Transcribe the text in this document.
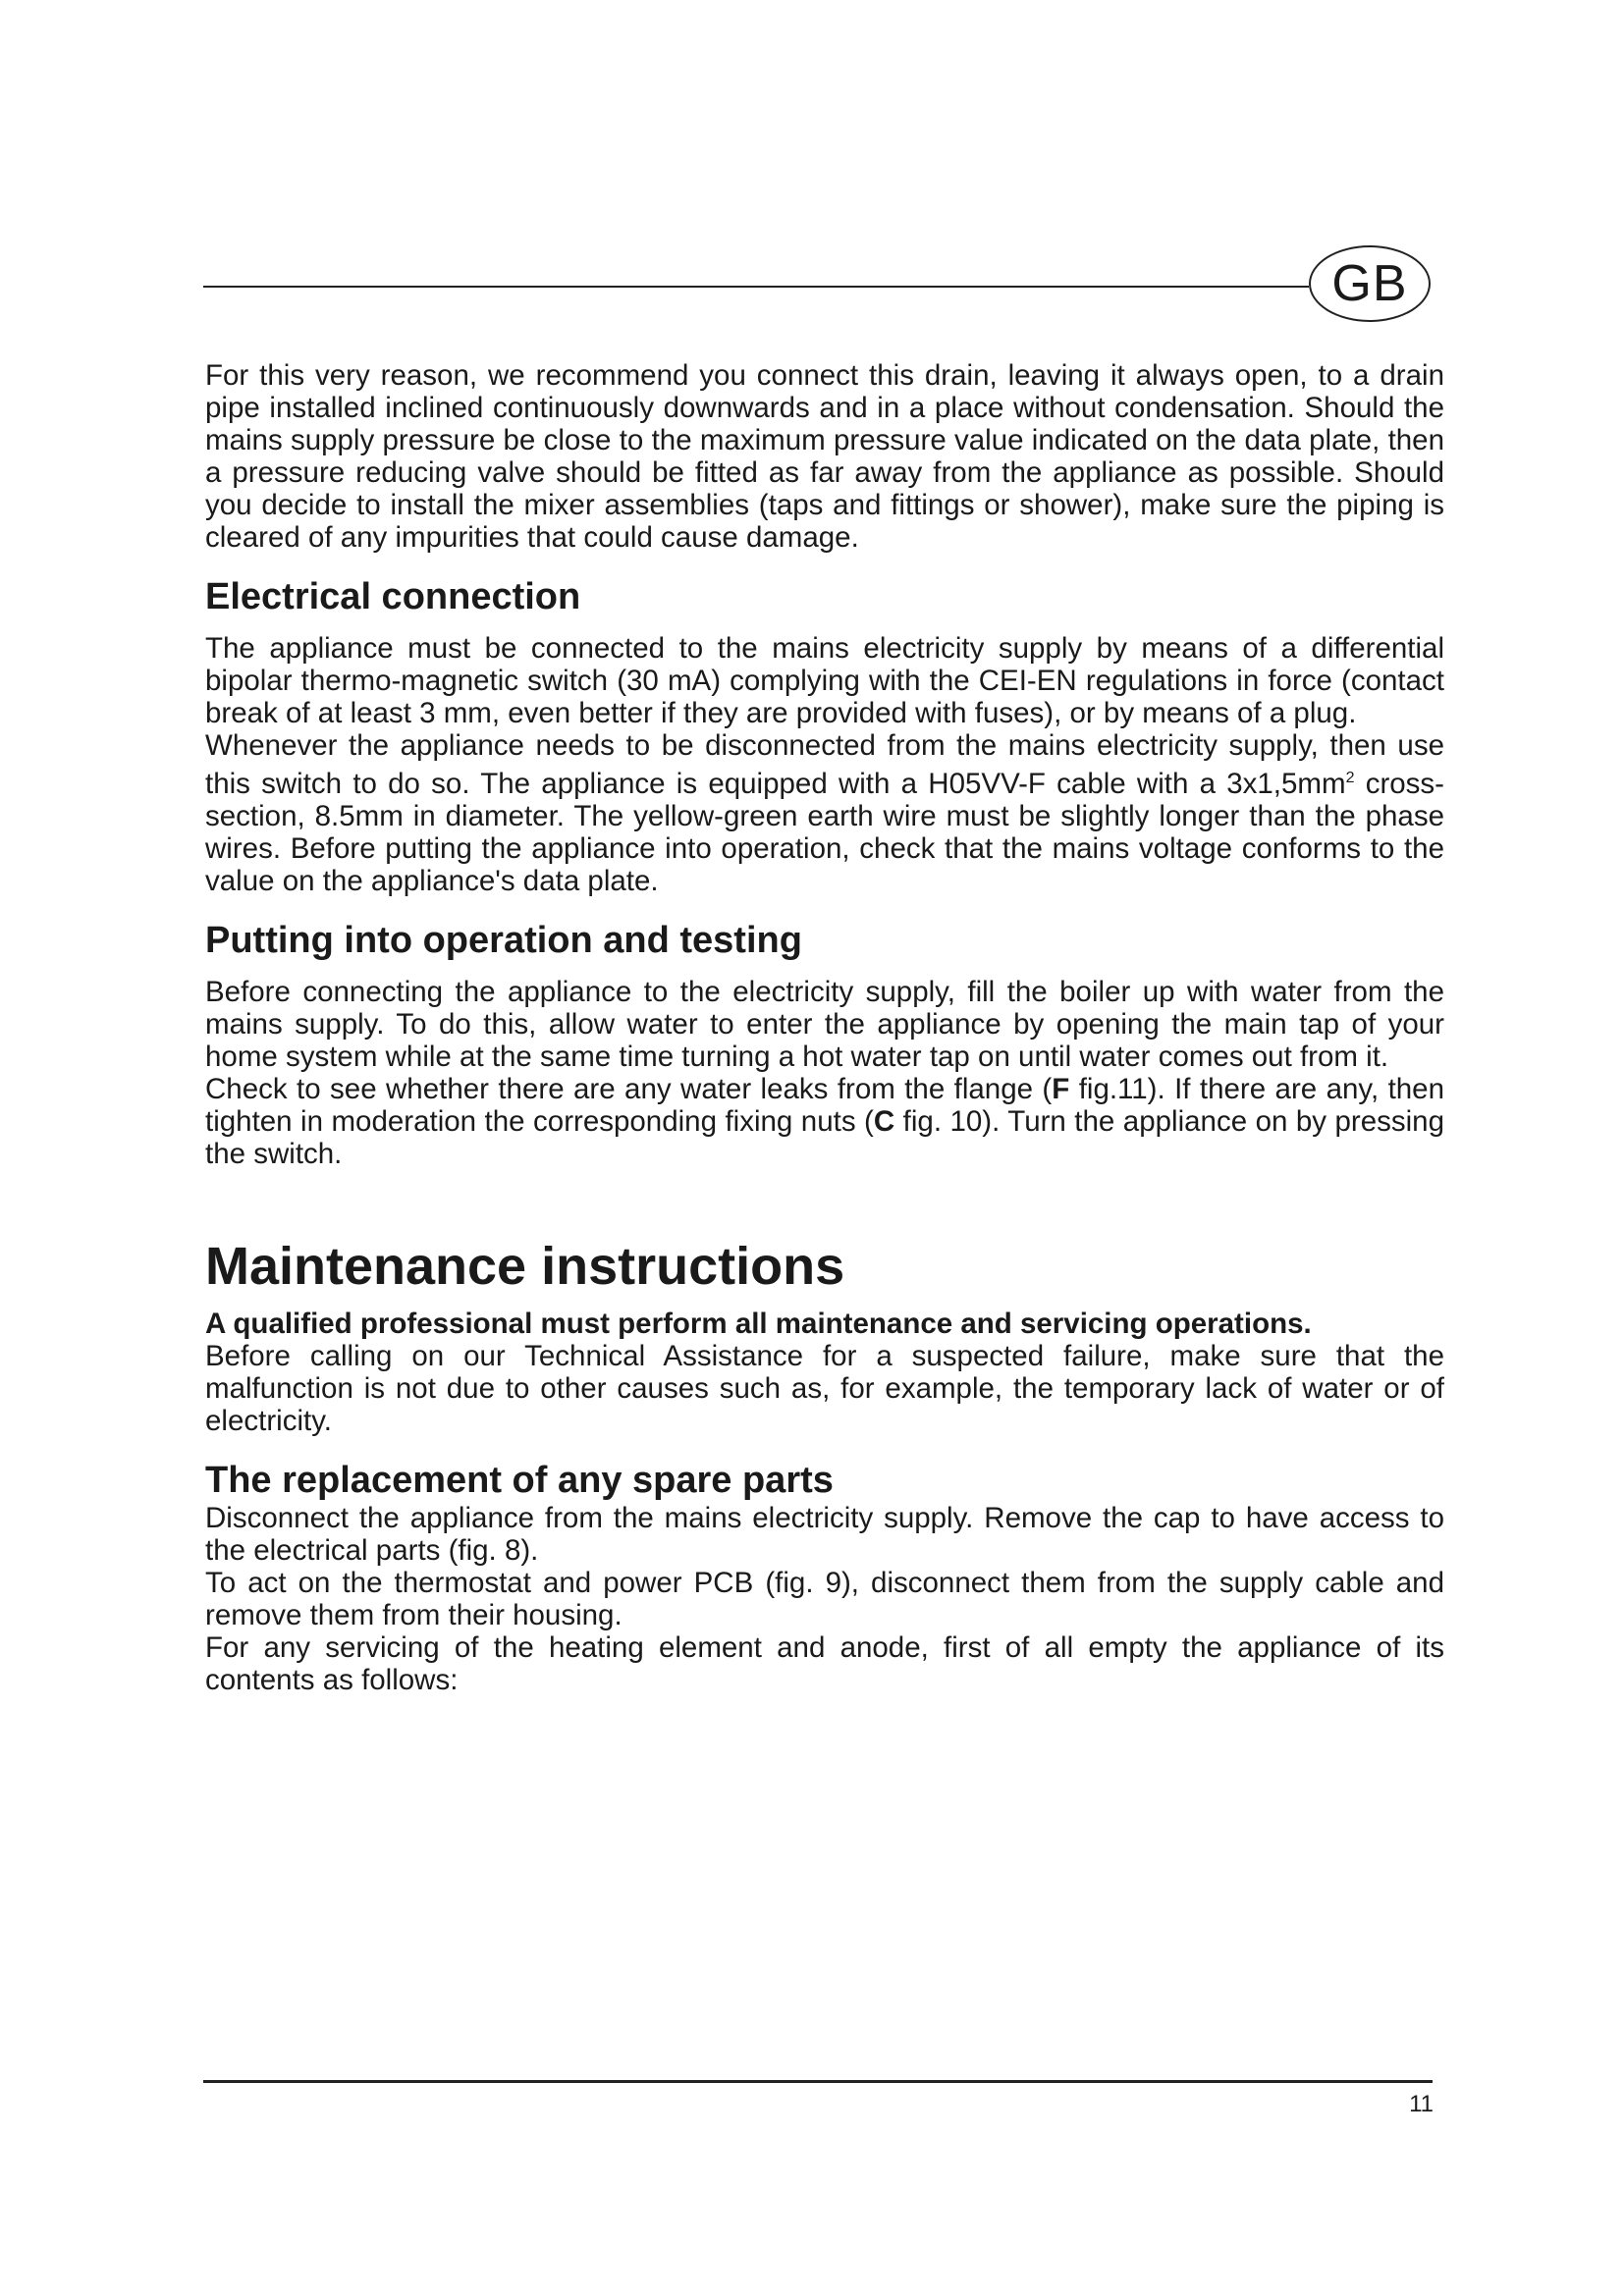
GB

For this very reason, we recommend you connect this drain, leaving it always open, to a drain pipe installed inclined continuously downwards and in a place without condensation. Should the mains supply pressure be close to the maximum pressure value indicated on the data plate, then a pressure reducing valve should be fitted as far away from the appliance as possible. Should you decide to install the mixer assemblies (taps and fittings or shower), make sure the piping is cleared of any impurities that could cause damage.

Electrical connection

The appliance must be connected to the mains electricity supply by means of a differential bipolar thermo-magnetic switch (30 mA) complying with the CEI-EN regulations in force (contact break of at least 3 mm, even better if they are provided with fuses), or by means of a plug.

Whenever the appliance needs to be disconnected from the mains electricity supply, then use this switch to do so. The appliance is equipped with a H05VV-F cable with a $3x1,5mm^2$ cross-section, 8.5mm in diameter. The yellow-green earth wire must be slightly longer than the phase wires. Before putting the appliance into operation, check that the mains voltage conforms to the value on the appliance's data plate.

Putting into operation and testing

Before connecting the appliance to the electricity supply, fill the boiler up with water from the mains supply. To do this, allow water to enter the appliance by opening the main tap of your home system while at the same time turning a hot water tap on until water comes out from it.

Check to see whether there are any water leaks from the flange (F fig.11). If there are any, then tighten in moderation the corresponding fixing nuts (C fig. 10). Turn the appliance on by pressing the switch.

Maintenance instructions

A qualified professional must perform all maintenance and servicing operations.

Before calling on our Technical Assistance for a suspected failure, make sure that the malfunction is not due to other causes such as, for example, the temporary lack of water or of electricity.

The replacement of any spare parts

Disconnect the appliance from the mains electricity supply. Remove the cap to have access to the electrical parts (fig. 8).

To act on the thermostat and power PCB (fig. 9), disconnect them from the supply cable and remove them from their housing.

For any servicing of the heating element and anode, first of all empty the appliance of its contents as follows:

11
